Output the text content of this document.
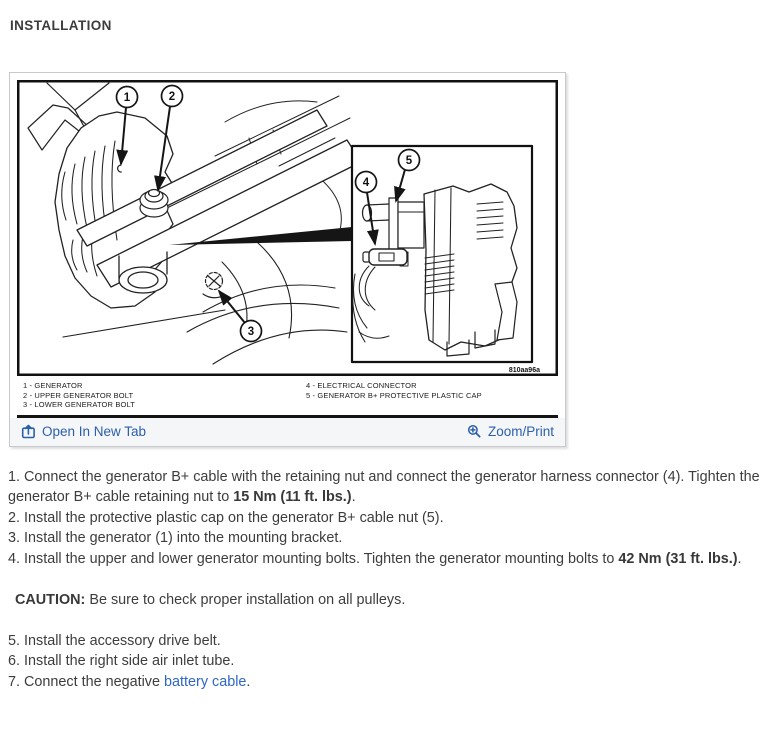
INSTALLATION
1	2
3
4
5
810aa96a
1 - GENERATOR
2 - UPPER GENERATOR BOLT
3 - LOWER GENERATOR BOLT
4 - ELECTRICAL CONNECTOR
5 - GENERATOR B+ PROTECTIVE PLASTIC CAP
Open In New Tab	Zoom/Print

1. Connect the generator B+ cable with the retaining nut and connect the generator harness connector (4). Tighten the generator B+ cable retaining nut to 15 Nm (11 ft. lbs.).

2. Install the protective plastic cap on the generator B+ cable nut (5).

3. Install the generator (1) into the mounting bracket.

4. Install the upper and lower generator mounting bolts. Tighten the generator mounting bolts to 42 Nm (31 ft. lbs.).

CAUTION: Be sure to check proper installation on all pulleys.

5. Install the accessory drive belt.

6. Install the right side air inlet tube.

7. Connect the negative battery cable.
